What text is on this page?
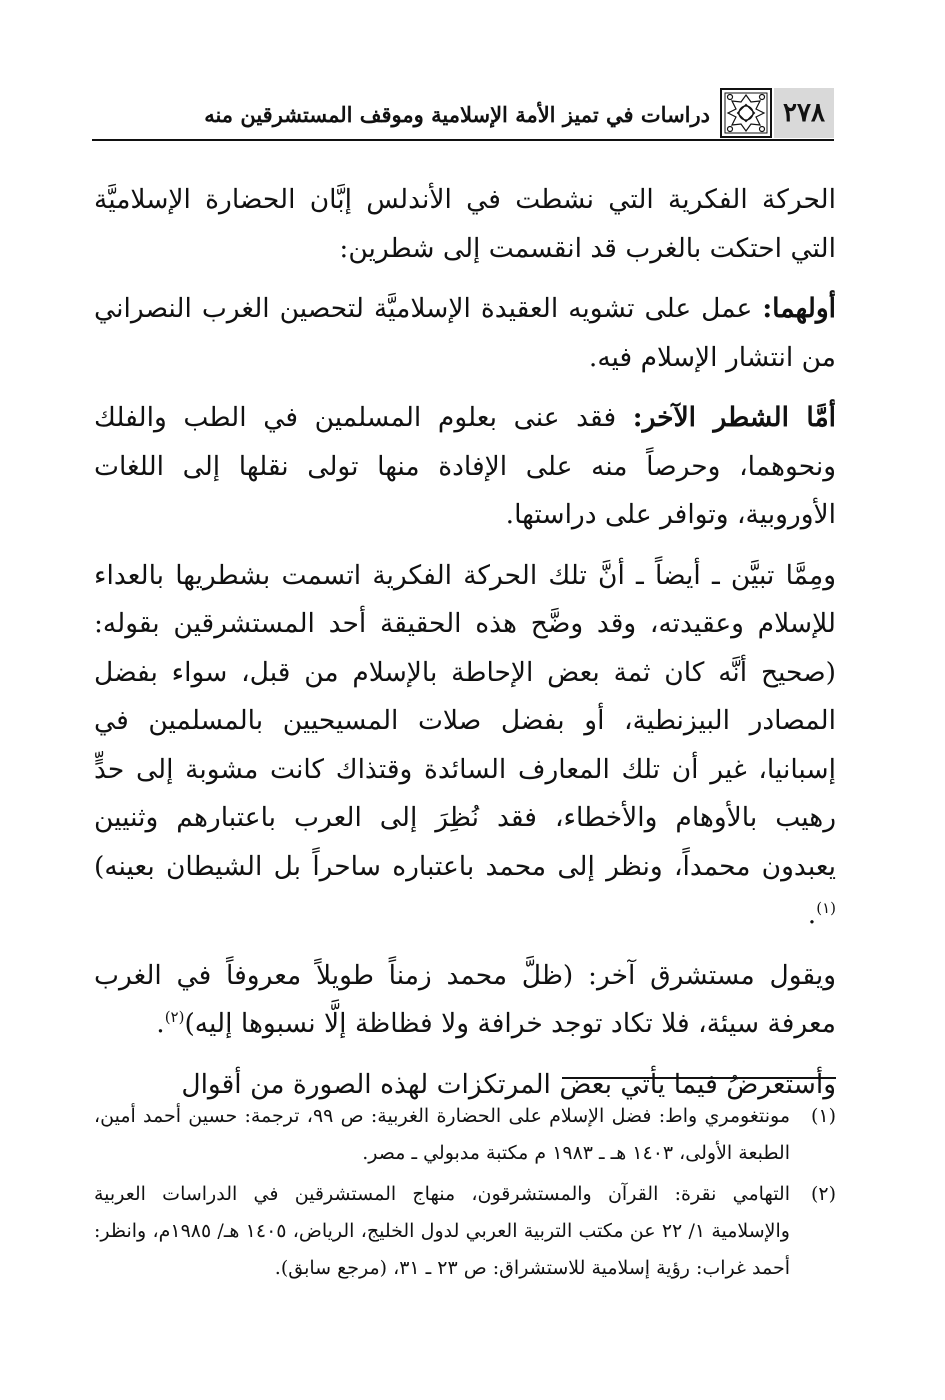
٢٧٨
دراسات في تميز الأمة الإسلامية وموقف المستشرقين منه

الحركة الفكرية التي نشطت في الأندلس إبَّان الحضارة الإسلاميَّة التي احتكت بالغرب قد انقسمت إلى شطرين:

أولهما: عمل على تشويه العقيدة الإسلاميَّة لتحصين الغرب النصراني من انتشار الإسلام فيه.

أمَّا الشطر الآخر: فقد عنى بعلوم المسلمين في الطب والفلك ونحوهما، وحرصاً منه على الإفادة منها تولى نقلها إلى اللغات الأوروبية، وتوافر على دراستها.

ومِمَّا تبيَّن ـ أيضاً ـ أنَّ تلك الحركة الفكرية اتسمت بشطريها بالعداء للإسلام وعقيدته، وقد وضَّح هذه الحقيقة أحد المستشرقين بقوله: (صحيح أنَّه كان ثمة بعض الإحاطة بالإسلام من قبل، سواء بفضل المصادر البيزنطية، أو بفضل صلات المسيحيين بالمسلمين في إسبانيا، غير أن تلك المعارف السائدة وقتذاك كانت مشوبة إلى حدٍّ رهيب بالأوهام والأخطاء، فقد نُظِرَ إلى العرب باعتبارهم وثنيين يعبدون محمداً، ونظر إلى محمد باعتباره ساحراً بل الشيطان بعينه)$^{(١)}$.

ويقول مستشرق آخر: (ظلَّ محمد زمناً طويلاً معروفاً في الغرب معرفة سيئة، فلا تكاد توجد خرافة ولا فظاظة إلَّا نسبوها إليه)$^{(٢)}$.

وأستعرضُ فيما يأتي بعض المرتكزات لهذه الصورة من أقوال

(١)
مونتغومري واط: فضل الإسلام على الحضارة الغربية: ص ٩٩، ترجمة: حسين أحمد أمين، الطبعة الأولى، ١٤٠٣ هـ ـ ١٩٨٣ م مكتبة مدبولي ـ مصر.
(٢)
التهامي نقرة: القرآن والمستشرقون، منهاج المستشرقين في الدراسات العربية والإسلامية ١/ ٢٢ عن مكتب التربية العربي لدول الخليج، الرياض، ١٤٠٥ هـ/ ١٩٨٥م، وانظر: أحمد غراب: رؤية إسلامية للاستشراق: ص ٢٣ ـ ٣١، (مرجع سابق).
